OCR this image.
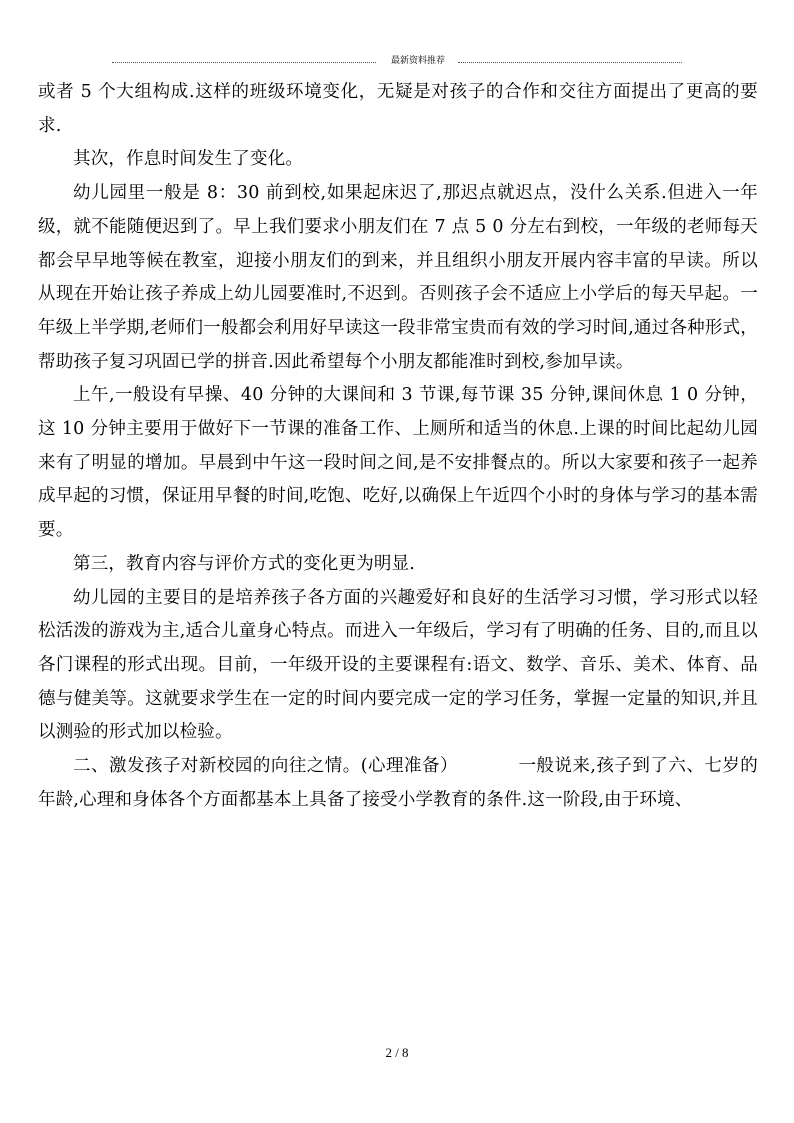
最新资料推荐

或者 5 个大组构成.这样的班级环境变化，无疑是对孩子的合作和交往方面提出了更高的要求.

其次，作息时间发生了变化。

幼儿园里一般是 8：30 前到校,如果起床迟了,那迟点就迟点，没什么关系.但进入一年级，就不能随便迟到了。早上我们要求小朋友们在 7 点 5 0 分左右到校，一年级的老师每天都会早早地等候在教室，迎接小朋友们的到来，并且组织小朋友开展内容丰富的早读。所以从现在开始让孩子养成上幼儿园要准时,不迟到。否则孩子会不适应上小学后的每天早起。一年级上半学期,老师们一般都会利用好早读这一段非常宝贵而有效的学习时间,通过各种形式，帮助孩子复习巩固已学的拼音.因此希望每个小朋友都能准时到校,参加早读。

上午,一般设有早操、40 分钟的大课间和 3 节课,每节课 35 分钟,课间休息 1 0 分钟，这 10 分钟主要用于做好下一节课的准备工作、上厕所和适当的休息.上课的时间比起幼儿园来有了明显的增加。早晨到中午这一段时间之间,是不安排餐点的。所以大家要和孩子一起养成早起的习惯，保证用早餐的时间,吃饱、吃好,以确保上午近四个小时的身体与学习的基本需要。

第三，教育内容与评价方式的变化更为明显.

幼儿园的主要目的是培养孩子各方面的兴趣爱好和良好的生活学习习惯，学习形式以轻松活泼的游戏为主,适合儿童身心特点。而进入一年级后，学习有了明确的任务、目的,而且以各门课程的形式出现。目前，一年级开设的主要课程有:语文、数学、音乐、美术、体育、品德与健美等。这就要求学生在一定的时间内要完成一定的学习任务，掌握一定量的知识,并且以测验的形式加以检验。

二、激发孩子对新校园的向往之情。(心理准备）          一般说来,孩子到了六、七岁的年龄,心理和身体各个方面都基本上具备了接受小学教育的条件.这一阶段,由于环境、

2 / 8
